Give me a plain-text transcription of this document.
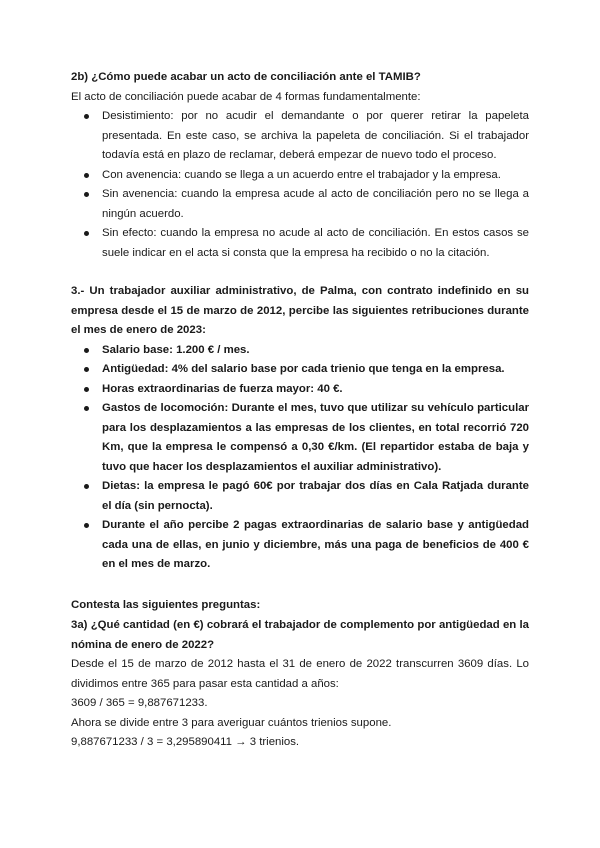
2b) ¿Cómo puede acabar un acto de conciliación ante el TAMIB?

El acto de conciliación puede acabar de 4 formas fundamentalmente:

Desistimiento: por no acudir el demandante o por querer retirar la papeleta presentada. En este caso, se archiva la papeleta de conciliación. Si el trabajador todavía está en plazo de reclamar, deberá empezar de nuevo todo el proceso.
Con avenencia: cuando se llega a un acuerdo entre el trabajador y la empresa.
Sin avenencia: cuando la empresa acude al acto de conciliación pero no se llega a ningún acuerdo.
Sin efecto: cuando la empresa no acude al acto de conciliación. En estos casos se suele indicar en el acta si consta que la empresa ha recibido o no la citación.

3.- Un trabajador auxiliar administrativo, de Palma, con contrato indefinido en su empresa desde el 15 de marzo de 2012, percibe las siguientes retribuciones durante el mes de enero de 2023:

Salario base: 1.200 € / mes.
Antigüedad: 4% del salario base por cada trienio que tenga en la empresa.
Horas extraordinarias de fuerza mayor: 40 €.
Gastos de locomoción: Durante el mes, tuvo que utilizar su vehículo particular para los desplazamientos a las empresas de los clientes, en total recorrió 720 Km, que la empresa le compensó a 0,30 €/km. (El repartidor estaba de baja y tuvo que hacer los desplazamientos el auxiliar administrativo).
Dietas: la empresa le pagó 60€ por trabajar dos días en Cala Ratjada durante el día (sin pernocta).
Durante el año percibe 2 pagas extraordinarias de salario base y antigüedad cada una de ellas, en junio y diciembre, más una paga de beneficios de 400 € en el mes de marzo.

Contesta las siguientes preguntas:

3a) ¿Qué cantidad (en €) cobrará el trabajador de complemento por antigüedad en la nómina de enero de 2022?

Desde el 15 de marzo de 2012 hasta el 31 de enero de 2022 transcurren 3609 días. Lo dividimos entre 365 para pasar esta cantidad a años:

3609 / 365 = 9,887671233.

Ahora se divide entre 3 para averiguar cuántos trienios supone.

9,887671233 / 3 = 3,295890411 → 3 trienios.
